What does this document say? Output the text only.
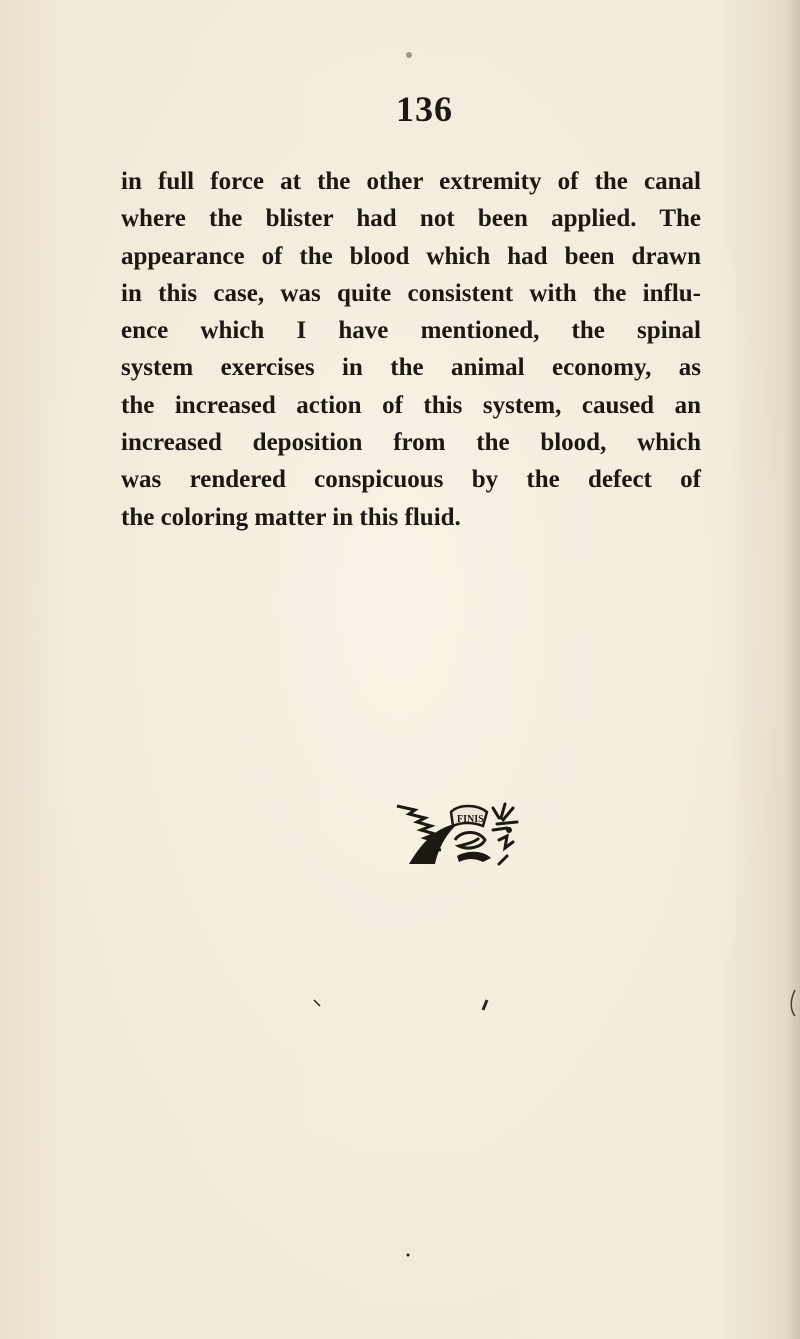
136
in full force at the other extremity of the canal
where the blister had not been applied. The
appearance of the blood which had been drawn
in this case, was quite consistent with the influ-
ence which I have mentioned, the spinal
system exercises in the animal economy, as
the increased action of this system, caused an
increased deposition from the blood, which
was rendered conspicuous by the defect of
the coloring matter in this fluid.
FINIS
